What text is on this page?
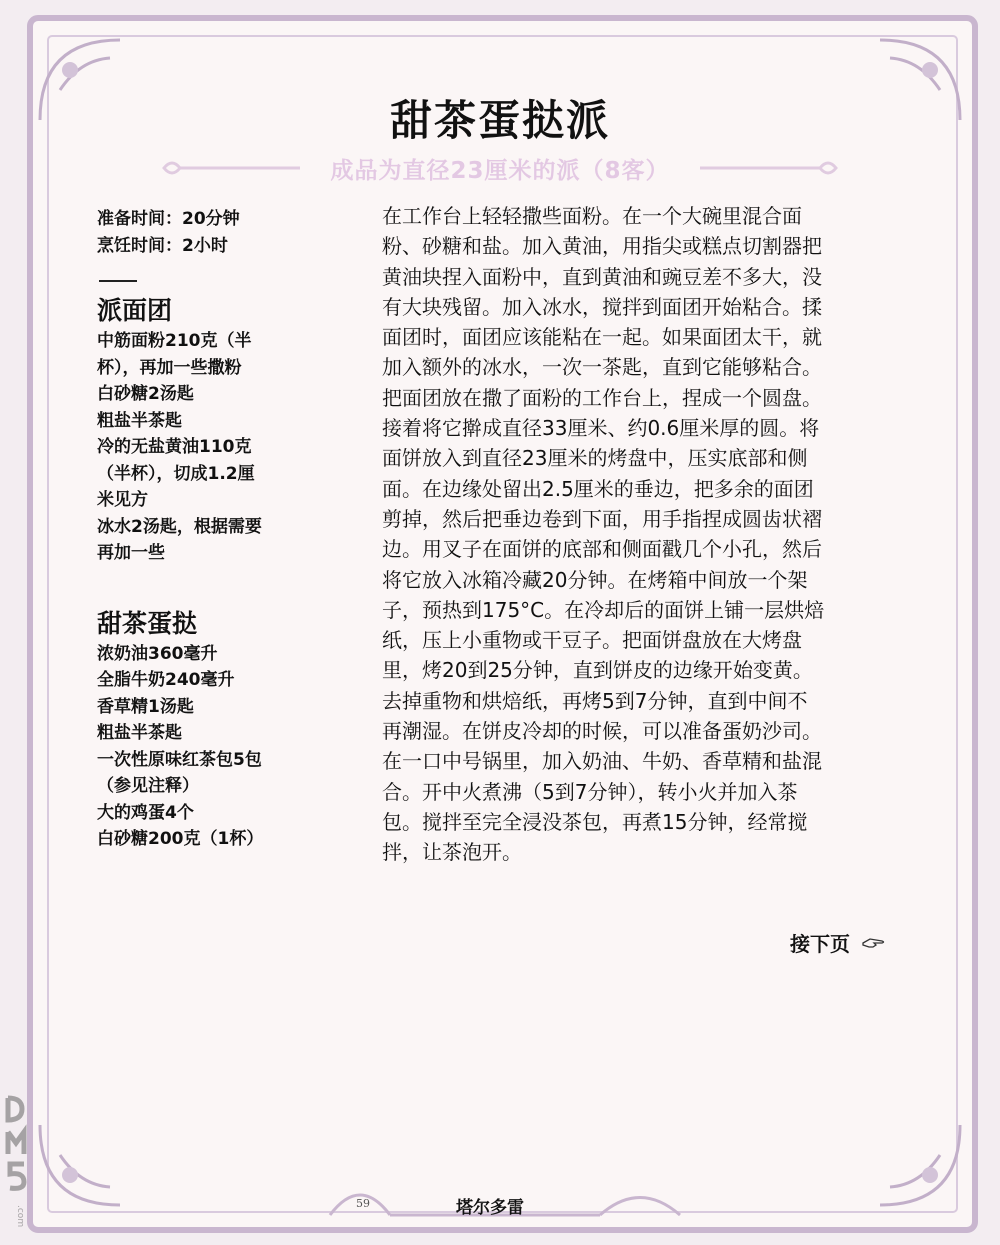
甜茶蛋挞派
成品为直径23厘米的派（8客）

准备时间：20分钟

烹饪时间：2小时

派面团
中筋面粉210克（半
杯），再加一些撒粉
白砂糖2汤匙
粗盐半茶匙
冷的无盐黄油110克
（半杯），切成1.2厘
米见方
冰水2汤匙，根据需要
再加一些
甜茶蛋挞
浓奶油360毫升
全脂牛奶240毫升
香草精1汤匙
粗盐半茶匙
一次性原味红茶包5包
（参见注释）
大的鸡蛋4个
白砂糖200克（1杯）
在工作台上轻轻撒些面粉。在一个大碗里混合面
粉、砂糖和盐。加入黄油，用指尖或糕点切割器把
黄油块捏入面粉中，直到黄油和豌豆差不多大，没
有大块残留。加入冰水，搅拌到面团开始粘合。揉
面团时，面团应该能粘在一起。如果面团太干，就
加入额外的冰水，一次一茶匙，直到它能够粘合。
把面团放在撒了面粉的工作台上，捏成一个圆盘。
接着将它擀成直径33厘米、约0.6厘米厚的圆。将
面饼放入到直径23厘米的烤盘中，压实底部和侧
面。在边缘处留出2.5厘米的垂边，把多余的面团
剪掉，然后把垂边卷到下面，用手指捏成圆齿状褶
边。用叉子在面饼的底部和侧面戳几个小孔，然后
将它放入冰箱冷藏20分钟。在烤箱中间放一个架
子，预热到175°C。在冷却后的面饼上铺一层烘焙
纸，压上小重物或干豆子。把面饼盘放在大烤盘
里，烤20到25分钟，直到饼皮的边缘开始变黄。
去掉重物和烘焙纸，再烤5到7分钟，直到中间不
再潮湿。在饼皮冷却的时候，可以准备蛋奶沙司。
在一口中号锅里，加入奶油、牛奶、香草精和盐混
合。开中火煮沸（5到7分钟），转小火并加入茶
包。搅拌至完全浸没茶包，再煮15分钟，经常搅
拌，让茶泡开。
接下页
59	塔尔多雷
.com
